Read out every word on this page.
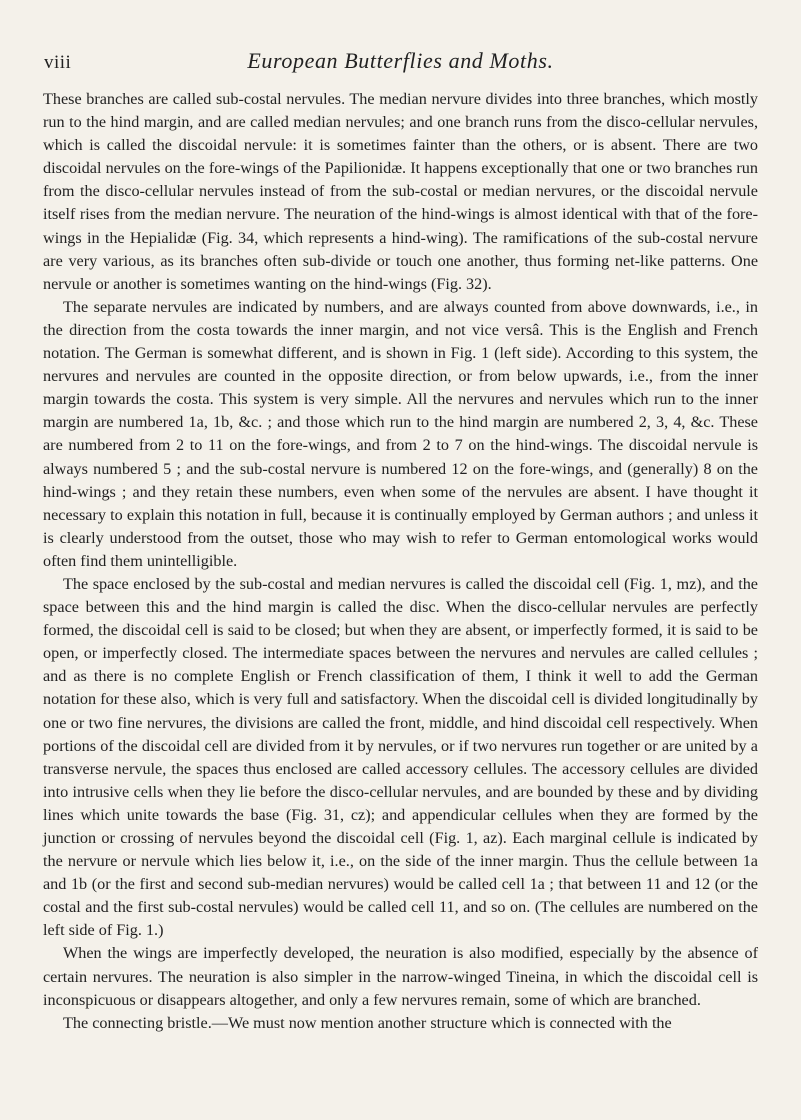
viii	European Butterflies and Moths.

These branches are called sub-costal nervules. The median nervure divides into three branches, which mostly run to the hind margin, and are called median nervules; and one branch runs from the disco-cellular nervules, which is called the discoidal nervule: it is sometimes fainter than the others, or is absent. There are two discoidal nervules on the fore-wings of the Papilionidæ. It happens exceptionally that one or two branches run from the disco-cellular nervules instead of from the sub-costal or median nervures, or the discoidal nervule itself rises from the median nervure. The neuration of the hind-wings is almost identical with that of the fore-wings in the Hepialidæ (Fig. 34, which represents a hind-wing). The ramifications of the sub-costal nervure are very various, as its branches often sub-divide or touch one another, thus forming net-like patterns. One nervule or another is sometimes wanting on the hind-wings (Fig. 32).

The separate nervules are indicated by numbers, and are always counted from above downwards, i.e., in the direction from the costa towards the inner margin, and not vice versâ. This is the English and French notation. The German is somewhat different, and is shown in Fig. 1 (left side). According to this system, the nervures and nervules are counted in the opposite direction, or from below upwards, i.e., from the inner margin towards the costa. This system is very simple. All the nervures and nervules which run to the inner margin are numbered 1a, 1b, &c. ; and those which run to the hind margin are numbered 2, 3, 4, &c. These are numbered from 2 to 11 on the fore-wings, and from 2 to 7 on the hind-wings. The discoidal nervule is always numbered 5 ; and the sub-costal nervure is numbered 12 on the fore-wings, and (generally) 8 on the hind-wings ; and they retain these numbers, even when some of the nervules are absent. I have thought it necessary to explain this notation in full, because it is continually employed by German authors ; and unless it is clearly understood from the outset, those who may wish to refer to German entomological works would often find them unintelligible.

The space enclosed by the sub-costal and median nervures is called the discoidal cell (Fig. 1, mz), and the space between this and the hind margin is called the disc. When the disco-cellular nervules are perfectly formed, the discoidal cell is said to be closed; but when they are absent, or imperfectly formed, it is said to be open, or imperfectly closed. The intermediate spaces between the nervures and nervules are called cellules ; and as there is no complete English or French classification of them, I think it well to add the German notation for these also, which is very full and satisfactory. When the discoidal cell is divided longitudinally by one or two fine nervures, the divisions are called the front, middle, and hind discoidal cell respectively. When portions of the discoidal cell are divided from it by nervules, or if two nervures run together or are united by a transverse nervule, the spaces thus enclosed are called accessory cellules. The accessory cellules are divided into intrusive cells when they lie before the disco-cellular nervules, and are bounded by these and by dividing lines which unite towards the base (Fig. 31, cz); and appendicular cellules when they are formed by the junction or crossing of nervules beyond the discoidal cell (Fig. 1, az). Each marginal cellule is indicated by the nervure or nervule which lies below it, i.e., on the side of the inner margin. Thus the cellule between 1a and 1b (or the first and second sub-median nervures) would be called cell 1a ; that between 11 and 12 (or the costal and the first sub-costal nervules) would be called cell 11, and so on. (The cellules are numbered on the left side of Fig. 1.)

When the wings are imperfectly developed, the neuration is also modified, especially by the absence of certain nervures. The neuration is also simpler in the narrow-winged Tineina, in which the discoidal cell is inconspicuous or disappears altogether, and only a few nervures remain, some of which are branched.

The connecting bristle.—We must now mention another structure which is connected with the
